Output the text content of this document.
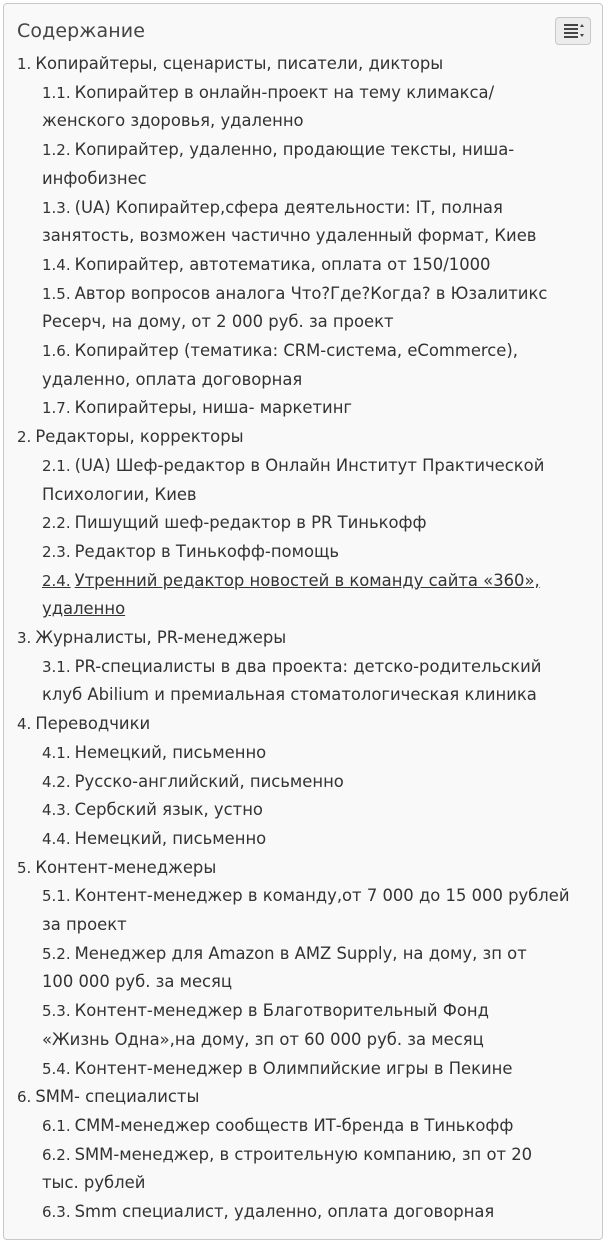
Содержание
1. Копирайтеры, сценаристы, писатели, дикторы
1.1. Копирайтер в онлайн-проект на тему климакса/
женского здоровья, удаленно
1.2. Копирайтер, удаленно, продающие тексты, ниша-
инфобизнес
1.3. (UA) Копирайтер,сфера деятельности: IT, полная
занятость, возможен частично удаленный формат, Киев
1.4. Копирайтер, автотематика, оплата от 150/1000
1.5. Автор вопросов аналога Что?Где?Когда? в Юзалитикс
Ресерч, на дому, от 2 000 руб. за проект
1.6. Копирайтер (тематика: CRM-система, eCommerce),
удаленно, оплата договорная
1.7. Копирайтеры, ниша- маркетинг
2. Редакторы, корректоры
2.1. (UA) Шеф-редактор в Онлайн Институт Практической
Психологии, Киев
2.2. Пишущий шеф-редактор в PR Тинькофф
2.3. Редактор в Тинькофф-помощь
2.4. Утренний редактор новостей в команду сайта «360»,
удаленно
3. Журналисты, PR-менеджеры
3.1. PR-специалисты в два проекта: детско-родительский
клуб Abilium и премиальная стоматологическая клиника
4. Переводчики
4.1. Немецкий, письменно
4.2. Русско-английский, письменно
4.3. Сербский язык, устно
4.4. Немецкий, письменно
5. Контент-менеджеры
5.1. Контент-менеджер в команду,от 7 000 до 15 000 рублей
за проект
5.2. Менеджер для Amazon в AMZ Supply, на дому, зп от
100 000 руб. за месяц
5.3. Контент-менеджер в Благотворительный Фонд
«Жизнь Одна»,на дому, зп от 60 000 руб. за месяц
5.4. Контент-менеджер в Олимпийские игры в Пекине
6. SMM- специалисты
6.1. СММ-менеджер сообществ ИТ-бренда в Тинькофф
6.2. SMM-менеджер, в строительную компанию, зп от 20
тыс. рублей
6.3. Smm специалист, удаленно, оплата договорная
